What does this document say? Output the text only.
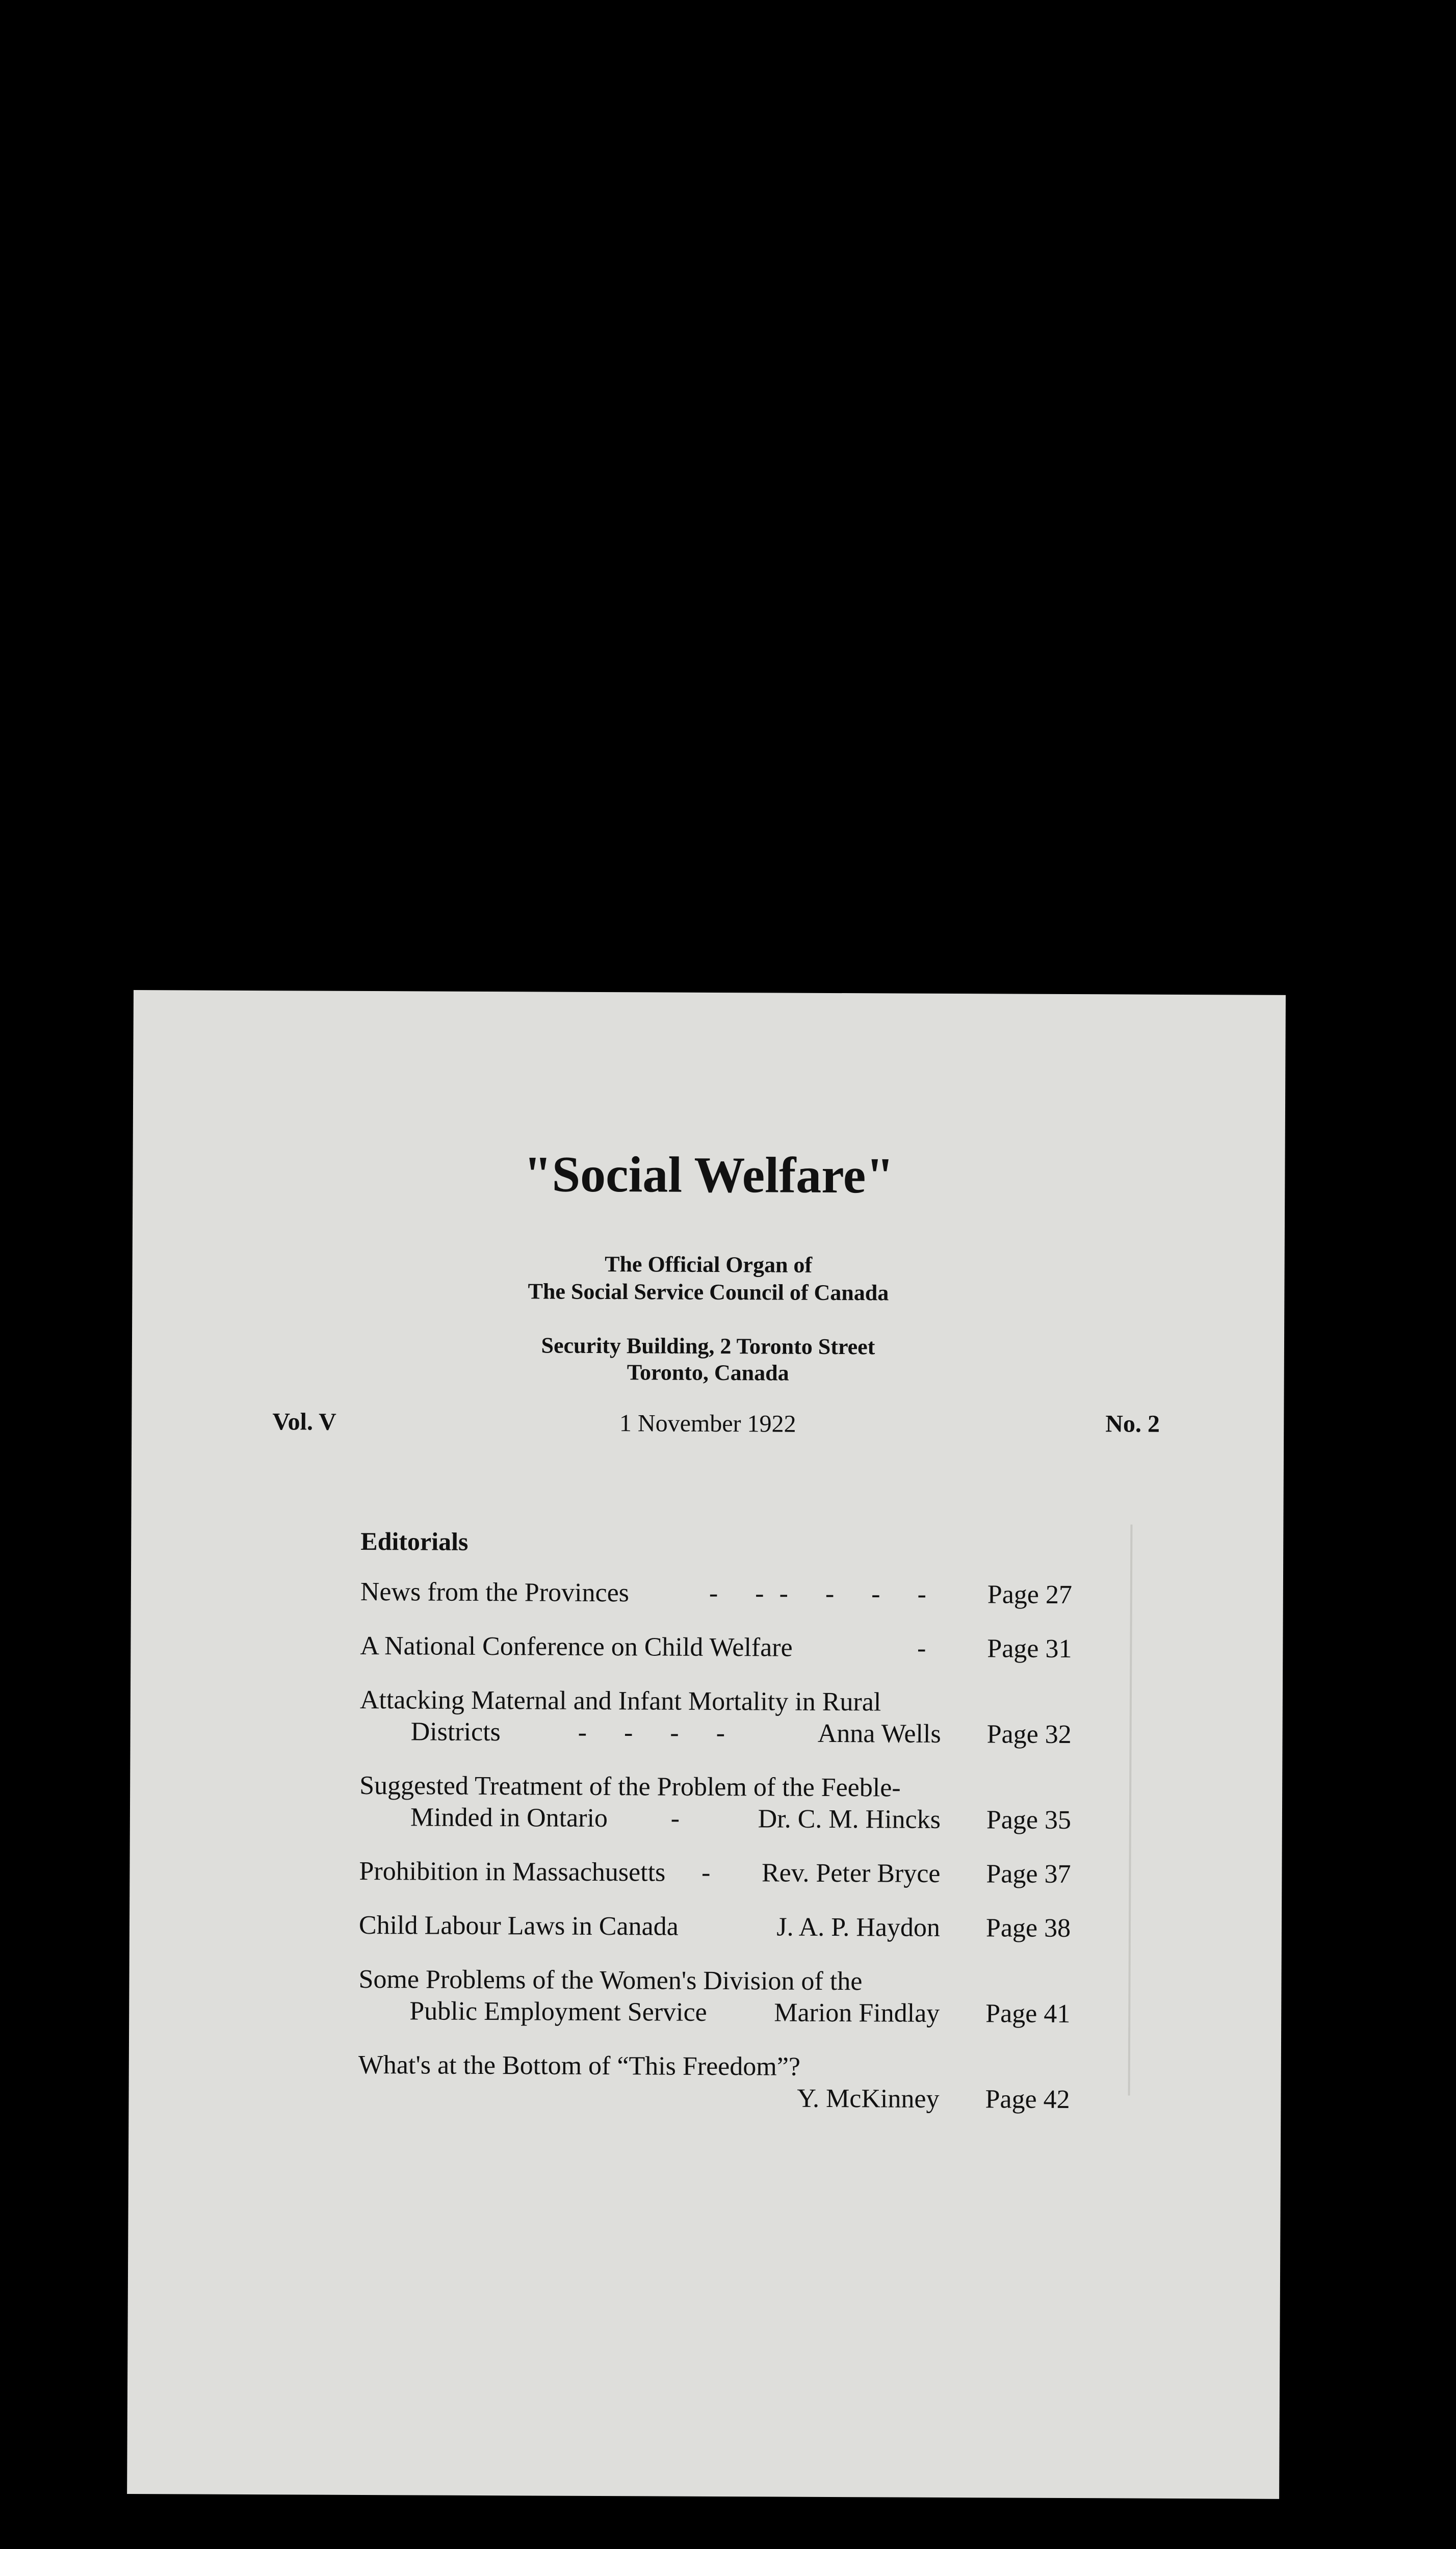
"Social Welfare"
The Official Organ of
The Social Service Council of Canada
Security Building, 2 Toronto Street
Toronto, Canada
Vol. V	1 November 1922	No. 2
Editorials
News from the Provinces	- -- - - - Page 27
A National Conference on Child Welfare	- Page 31
Attacking Maternal and Infant Mortality in Rural
Districts	- - - -	Anna Wells Page 32
Suggested Treatment of the Problem of the Feeble-
Minded in Ontario - Dr. C. M. Hincks Page 35
Prohibition in Massachusetts - Rev. Peter Bryce Page 37
Child Labour Laws in Canada	J. A. P. Haydon Page 38
Some Problems of the Women's Division of the
Public Employment Service	Marion Findlay Page 41
What's at the Bottom of “This Freedom”?
Y. McKinney Page 42
